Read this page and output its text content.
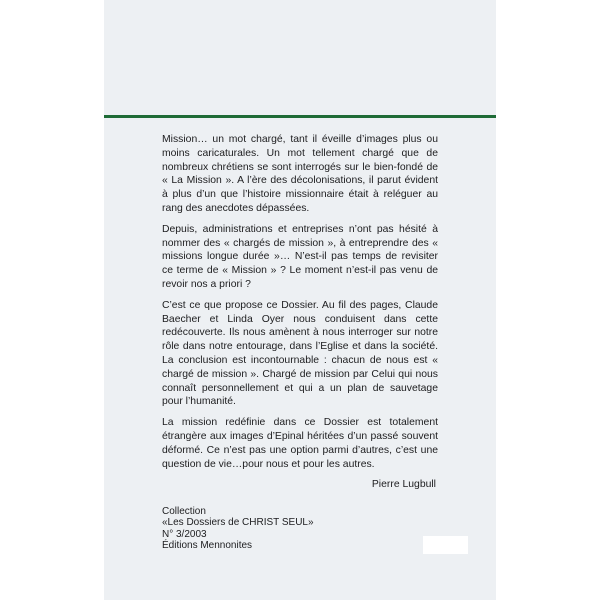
Mission… un mot chargé, tant il éveille d’images plus ou moins caricaturales. Un mot tellement chargé que de nombreux chrétiens se sont interrogés sur le bien-fondé de « La Mission ». A l’ère des décolonisations, il parut évident à plus d’un que l’histoire missionnaire était à reléguer au rang des anecdotes dépassées.

Depuis, administrations et entreprises n’ont pas hésité à nommer des « chargés de mission », à entreprendre des « missions longue durée »… N’est-il pas temps de revisiter ce terme de « Mission » ? Le moment n’est-il pas venu de revoir nos a priori ?

C’est ce que propose ce Dossier. Au fil des pages, Claude Baecher et Linda Oyer nous conduisent dans cette redécouverte. Ils nous amènent à nous interroger sur notre rôle dans notre entourage, dans l’Eglise et dans la société. La conclusion est incontournable : chacun de nous est « chargé de mission ». Chargé de mission par Celui qui nous connaît personnellement et qui a un plan de sauvetage pour l’humanité.

La mission redéfinie dans ce Dossier est totalement étrangère aux images d’Epinal héritées d’un passé souvent déformé. Ce n’est pas une option parmi d’autres, c’est une question de vie…pour nous et pour les autres.

Pierre Lugbull
Collection
«Les Dossiers de CHRIST SEUL»
N° 3/2003
Éditions Mennonites
